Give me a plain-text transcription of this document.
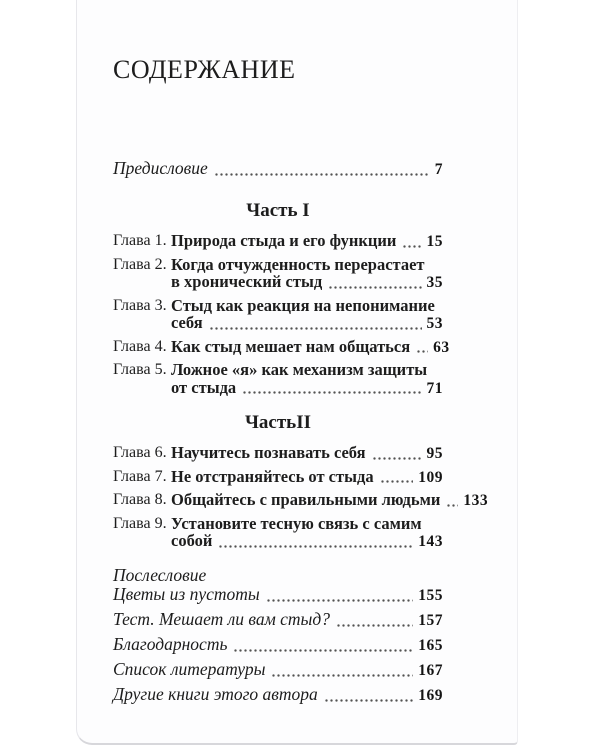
СОДЕРЖАНИЕ
Предисловие	7
Часть I
Глава 1. Природа стыда и его функции 15
Глава 2. Когда отчужденность перерастает
в хронический стыд	35
Глава 3. Стыд как реакция на непонимание
себя	53
Глава 4. Как стыд мешает нам общаться 63
Глава 5. Ложное «я» как механизм защиты
от стыда	71
ЧастьII
Глава 6. Научитесь познавать себя	95
Глава 7. Не отстраняйтесь от стыда	109
Глава 8. Общайтесь с правильными людьми 133
Глава 9. Установите тесную связь с самим
собой	143
Послесловие
Цветы из пустоты	155
Тест. Мешает ли вам стыд?	157
Благодарность	165
Список литературы	167
Другие книги этого автора	169
